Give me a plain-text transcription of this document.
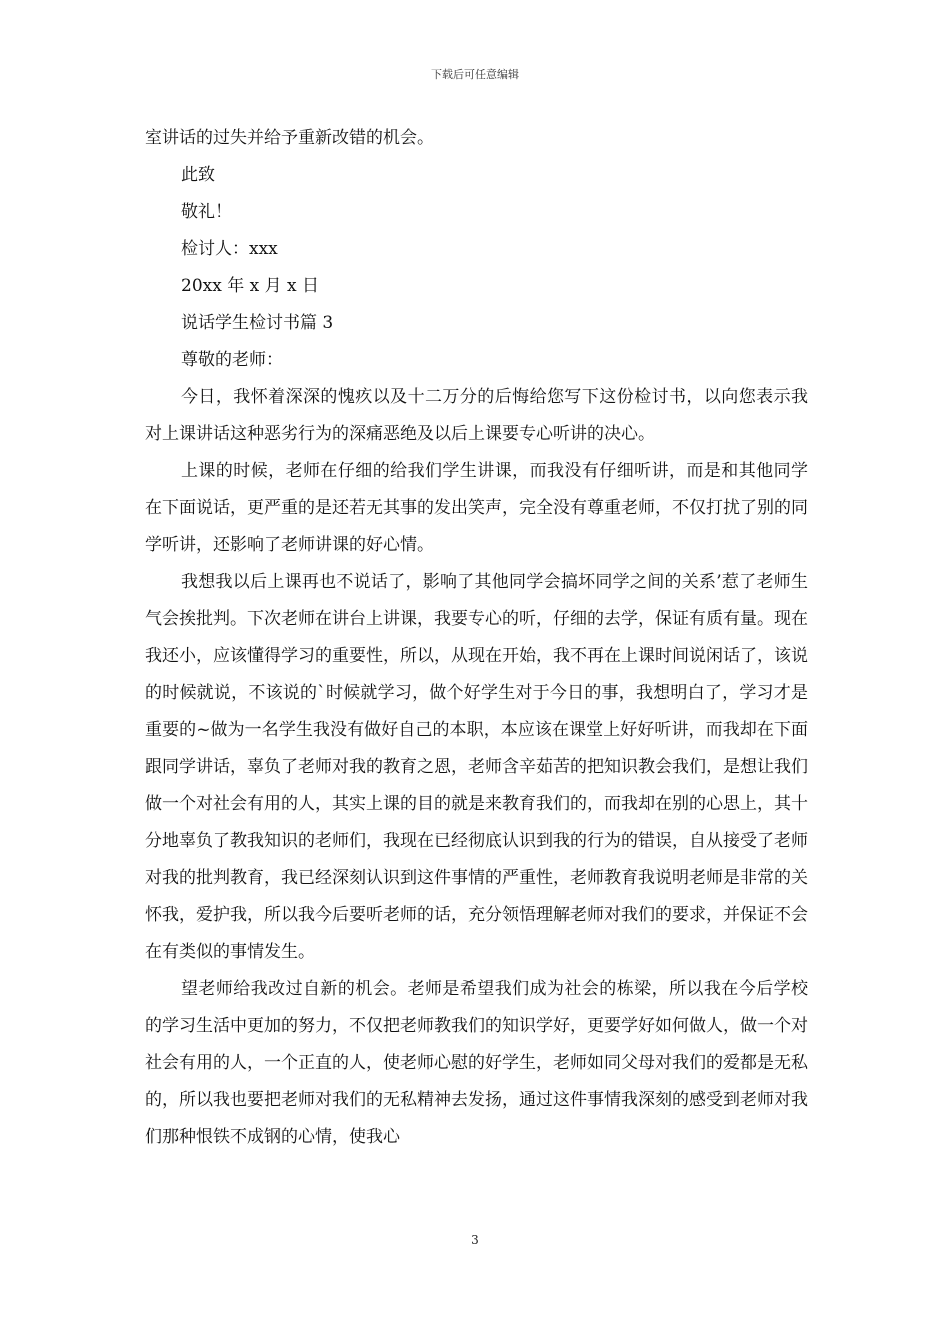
下载后可任意编辑

室讲话的过失并给予重新改错的机会。

此致

敬礼！

检讨人：xxx

20xx 年 x 月 x 日

说话学生检讨书篇 3

尊敬的老师：

今日，我怀着深深的愧疚以及十二万分的后悔给您写下这份检讨书，以向您表示我对上课讲话这种恶劣行为的深痛恶绝及以后上课要专心听讲的决心。

上课的时候，老师在仔细的给我们学生讲课，而我没有仔细听讲，而是和其他同学在下面说话，更严重的是还若无其事的发出笑声，完全没有尊重老师，不仅打扰了别的同学听讲，还影响了老师讲课的好心情。

我想我以后上课再也不说话了，影响了其他同学会搞坏同学之间的关系’惹了老师生气会挨批判。下次老师在讲台上讲课，我要专心的听，仔细的去学，保证有质有量。现在我还小，应该懂得学习的重要性，所以，从现在开始，我不再在上课时间说闲话了，该说的时候就说，不该说的`时候就学习，做个好学生对于今日的事，我想明白了，学习才是重要的~做为一名学生我没有做好自己的本职，本应该在课堂上好好听讲，而我却在下面跟同学讲话，辜负了老师对我的教育之恩，老师含辛茹苦的把知识教会我们，是想让我们做一个对社会有用的人，其实上课的目的就是来教育我们的，而我却在别的心思上，其十分地辜负了教我知识的老师们，我现在已经彻底认识到我的行为的错误，自从接受了老师对我的批判教育，我已经深刻认识到这件事情的严重性，老师教育我说明老师是非常的关怀我，爱护我，所以我今后要听老师的话，充分领悟理解老师对我们的要求，并保证不会在有类似的事情发生。

望老师给我改过自新的机会。老师是希望我们成为社会的栋梁，所以我在今后学校的学习生活中更加的努力，不仅把老师教我们的知识学好，更要学好如何做人，做一个对社会有用的人，一个正直的人，使老师心慰的好学生，老师如同父母对我们的爱都是无私的，所以我也要把老师对我们的无私精神去发扬，通过这件事情我深刻的感受到老师对我们那种恨铁不成钢的心情，使我心

3
